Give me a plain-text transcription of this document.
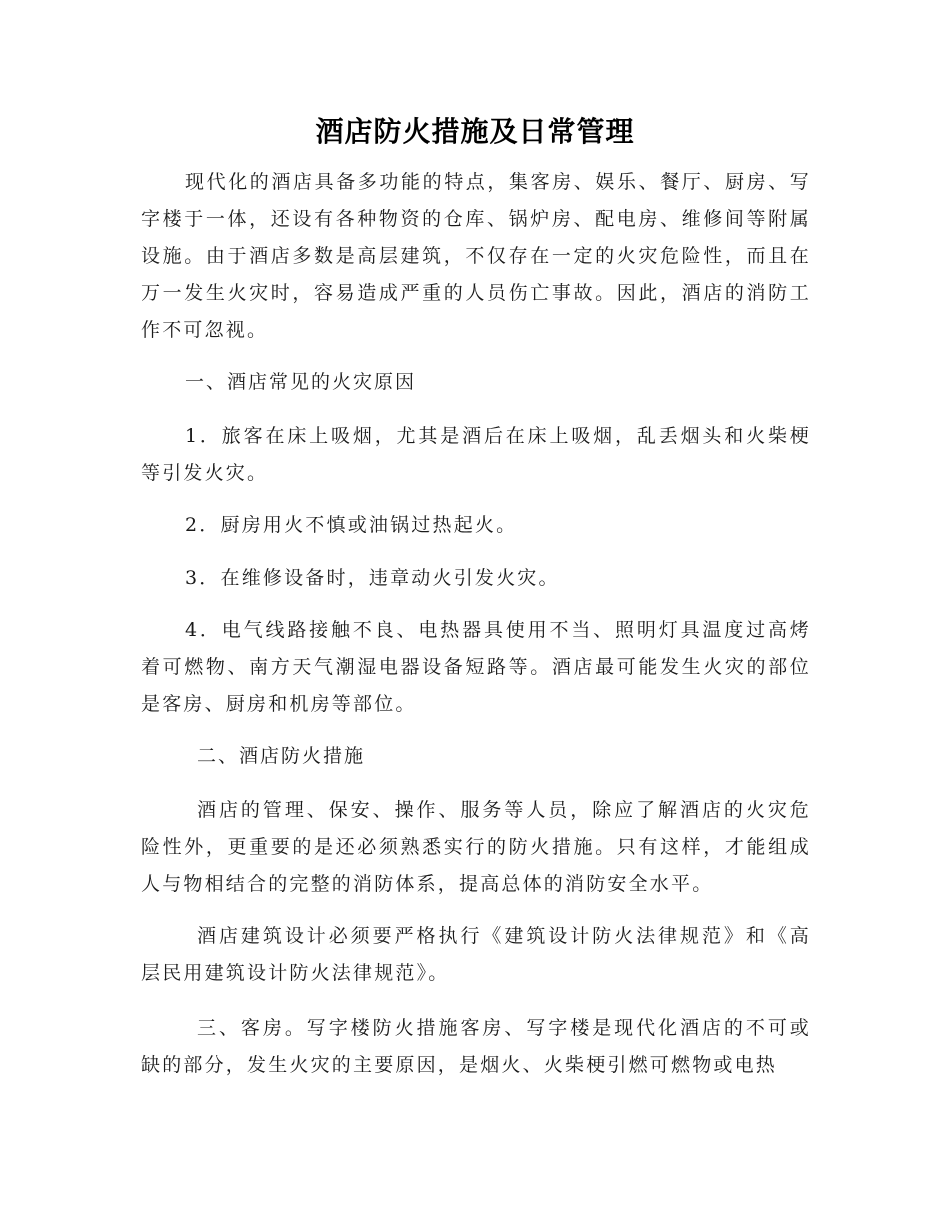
酒店防火措施及日常管理

现代化的酒店具备多功能的特点，集客房、娱乐、餐厅、厨房、写字楼于一体，还设有各种物资的仓库、锅炉房、配电房、维修间等附属设施。由于酒店多数是高层建筑，不仅存在一定的火灾危险性，而且在万一发生火灾时，容易造成严重的人员伤亡事故。因此，酒店的消防工作不可忽视。

一、酒店常见的火灾原因

1．旅客在床上吸烟，尤其是酒后在床上吸烟，乱丢烟头和火柴梗等引发火灾。

2．厨房用火不慎或油锅过热起火。

3．在维修设备时，违章动火引发火灾。

4．电气线路接触不良、电热器具使用不当、照明灯具温度过高烤着可燃物、南方天气潮湿电器设备短路等。酒店最可能发生火灾的部位是客房、厨房和机房等部位。

二、酒店防火措施

酒店的管理、保安、操作、服务等人员，除应了解酒店的火灾危险性外，更重要的是还必须熟悉实行的防火措施。只有这样，才能组成人与物相结合的完整的消防体系，提高总体的消防安全水平。

酒店建筑设计必须要严格执行《建筑设计防火法律规范》和《高层民用建筑设计防火法律规范》。

三、客房。写字楼防火措施客房、写字楼是现代化酒店的不可或缺的部分，发生火灾的主要原因，是烟火、火柴梗引燃可燃物或电热
